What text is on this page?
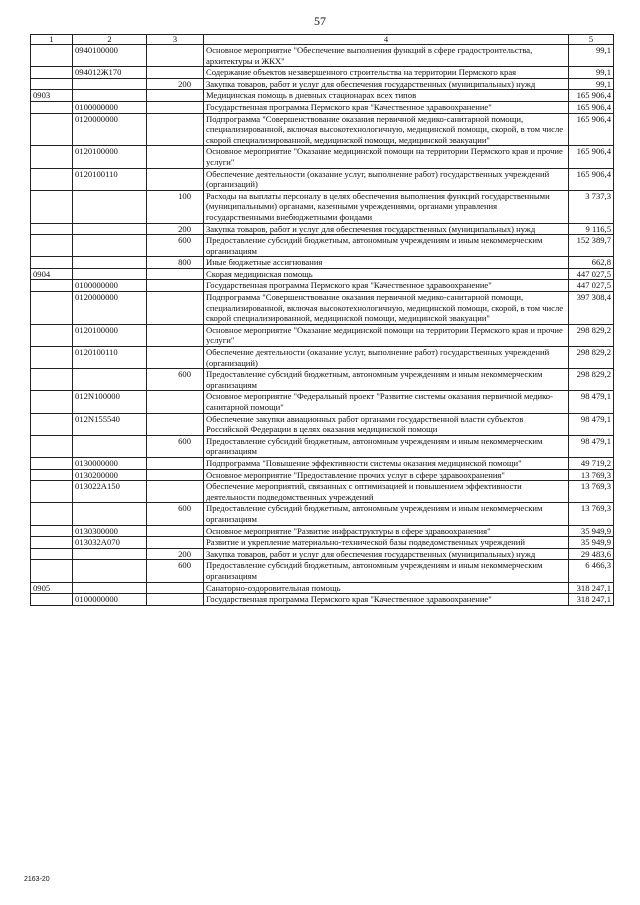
57
1	2	3	4	5
	0940100000		Основное мероприятие "Обеспечение выполнения функций в сфере градостроительства, архитектуры и ЖКХ"	99,1
	094012Ж170		Содержание объектов незавершенного строительства на территории Пермского края	99,1
		200	Закупка товаров, работ и услуг для обеспечения государственных (муниципальных) нужд	99,1
0903			Медицинская помощь в дневных стационарах всех типов	165 906,4
	0100000000		Государственная программа Пермского края "Качественное здравоохранение"	165 906,4
	0120000000		Подпрограмма "Совершенствование оказания первичной медико-санитарной помощи, специализированной, включая высокотехнологичную, медицинской помощи, скорой, в том числе скорой специализированной, медицинской помощи, медицинской эвакуации"	165 906,4
	0120100000		Основное мероприятие "Оказание медицинской помощи на территории Пермского края и прочие услуги"	165 906,4
	0120100110		Обеспечение деятельности (оказание услуг, выполнение работ) государственных учреждений (организаций)	165 906,4
		100	Расходы на выплаты персоналу в целях обеспечения выполнения функций государственными (муниципальными) органами, казенными учреждениями, органами управления государственными внебюджетными фондами	3 737,3
		200	Закупка товаров, работ и услуг для обеспечения государственных (муниципальных) нужд	9 116,5
		600	Предоставление субсидий бюджетным, автономным учреждениям и иным некоммерческим организациям	152 389,7
		800	Иные бюджетные ассигнования	662,8
0904			Скорая медицинская помощь	447 027,5
	0100000000		Государственная программа Пермского края "Качественное здравоохранение"	447 027,5
	0120000000		Подпрограмма "Совершенствование оказания первичной медико-санитарной помощи, специализированной, включая высокотехнологичную, медицинской помощи, скорой, в том числе скорой специализированной, медицинской помощи, медицинской эвакуации"	397 308,4
	0120100000		Основное мероприятие "Оказание медицинской помощи на территории Пермского края и прочие услуги"	298 829,2
	0120100110		Обеспечение деятельности (оказание услуг, выполнение работ) государственных учреждений (организаций)	298 829,2
		600	Предоставление субсидий бюджетным, автономным учреждениям и иным некоммерческим организациям	298 829,2
	012N100000		Основное мероприятие "Федеральный проект "Развитие системы оказания первичной медико-санитарной помощи"	98 479,1
	012N155540		Обеспечение закупки авиационных работ органами государственной власти субъектов Российской Федерации в целях оказания медицинской помощи	98 479,1
		600	Предоставление субсидий бюджетным, автономным учреждениям и иным некоммерческим организациям	98 479,1
	0130000000		Подпрограмма "Повышение эффективности системы оказания медицинской помощи"	49 719,2
	0130200000		Основное мероприятие "Предоставление прочих услуг в сфере здравоохранения"	13 769,3
	013022А150		Обеспечение мероприятий, связанных с оптимизацией и повышением эффективности деятельности подведомственных учреждений	13 769,3
		600	Предоставление субсидий бюджетным, автономным учреждениям и иным некоммерческим организациям	13 769,3
	0130300000		Основное мероприятие "Развитие инфраструктуры в сфере здравоохранения"	35 949,9
	013032А070		Развитие и укрепление материально-технической базы подведомственных учреждений	35 949,9
		200	Закупка товаров, работ и услуг для обеспечения государственных (муниципальных) нужд	29 483,6
		600	Предоставление субсидий бюджетным, автономным учреждениям и иным некоммерческим организациям	6 466,3
0905			Санаторно-оздоровительная помощь	318 247,1
	0100000000		Государственная программа Пермского края "Качественное здравоохранение"	318 247,1
2163-20
